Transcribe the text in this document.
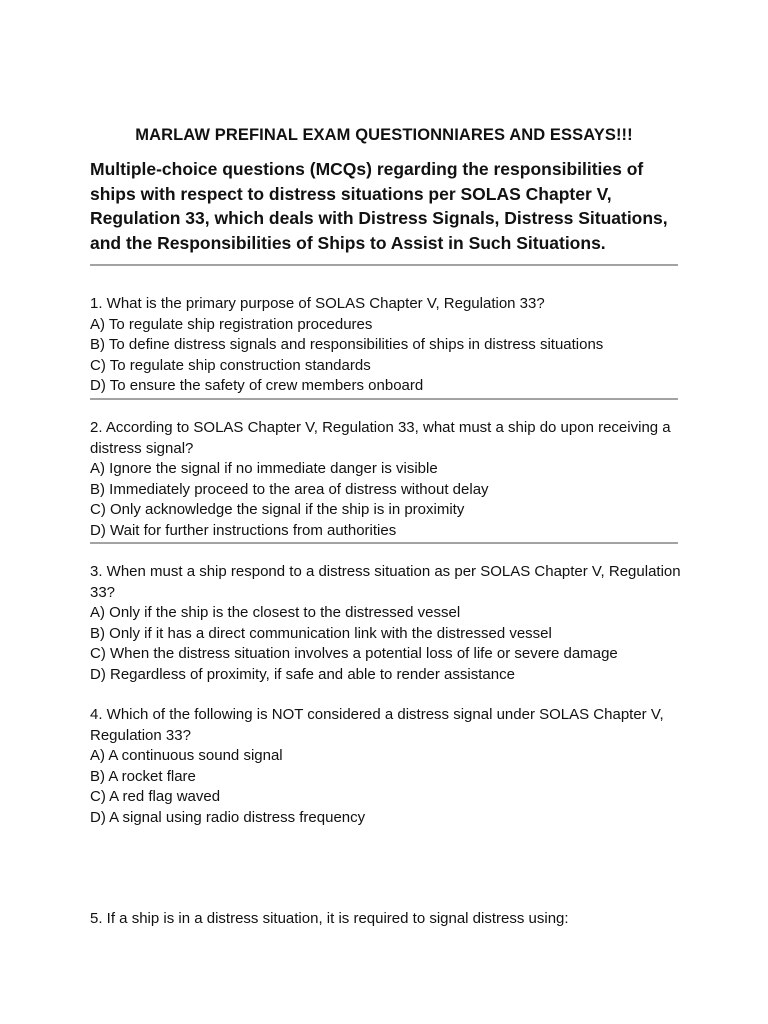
MARLAW PREFINAL EXAM QUESTIONNIARES AND ESSAYS!!!
Multiple-choice questions (MCQs) regarding the responsibilities of ships with respect to distress situations per SOLAS Chapter V, Regulation 33, which deals with Distress Signals, Distress Situations, and the Responsibilities of Ships to Assist in Such Situations.
1. What is the primary purpose of SOLAS Chapter V, Regulation 33?
A) To regulate ship registration procedures
B) To define distress signals and responsibilities of ships in distress situations
C) To regulate ship construction standards
D) To ensure the safety of crew members onboard
2. According to SOLAS Chapter V, Regulation 33, what must a ship do upon receiving a distress signal?
A) Ignore the signal if no immediate danger is visible
B) Immediately proceed to the area of distress without delay
C) Only acknowledge the signal if the ship is in proximity
D) Wait for further instructions from authorities
3. When must a ship respond to a distress situation as per SOLAS Chapter V, Regulation 33?
A) Only if the ship is the closest to the distressed vessel
B) Only if it has a direct communication link with the distressed vessel
C) When the distress situation involves a potential loss of life or severe damage
D) Regardless of proximity, if safe and able to render assistance
4. Which of the following is NOT considered a distress signal under SOLAS Chapter V, Regulation 33?
A) A continuous sound signal
B) A rocket flare
C) A red flag waved
D) A signal using radio distress frequency
5. If a ship is in a distress situation, it is required to signal distress using:
